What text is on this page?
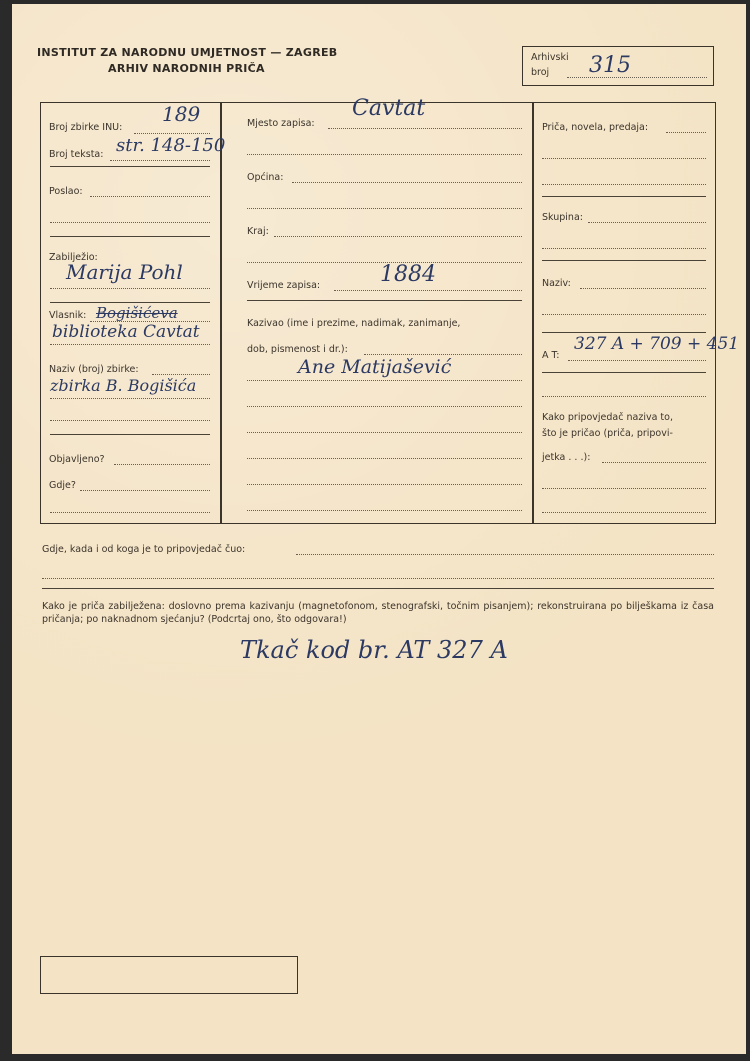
INSTITUT ZA NARODNU UMJETNOST — ZAGREB
ARHIV NARODNIH PRIČA
Arhivski
broj 315
Broj zbirke INU:
189
Broj teksta: str. 148-150
Poslao:
Zabilježio:
Marija Pohl
Vlasnik: Bogišićeva
biblioteka Cavtat
Naziv (broj) zbirke:
zbirka B. Bogišića
Objavljeno?
Gdje?
Mjesto zapisa:
Cavtat
Općina:
Kraj:
Vrijeme zapisa:	1884
Kazivao (ime i prezime, nadimak, zanimanje,
dob, pismenost i dr.):
Ane Matijašević
Priča, novela, predaja:
Skupina:
Naziv:
A T:
327 A + 709 + 451
Kako pripovjedač naziva to,
što je pričao (priča, pripovi-
jetka . . .):
Gdje, kada i od koga je to pripovjedač čuo:
Kako je priča zabilježena: doslovno prema kazivanju (magnetofonom, stenografski, točnim pisanjem); rekonstruirana po bilješkama iz časa pričanja; po naknadnom sjećanju? (Podcrtaj ono, što odgovara!)
Tkač kod br. AT 327 A
